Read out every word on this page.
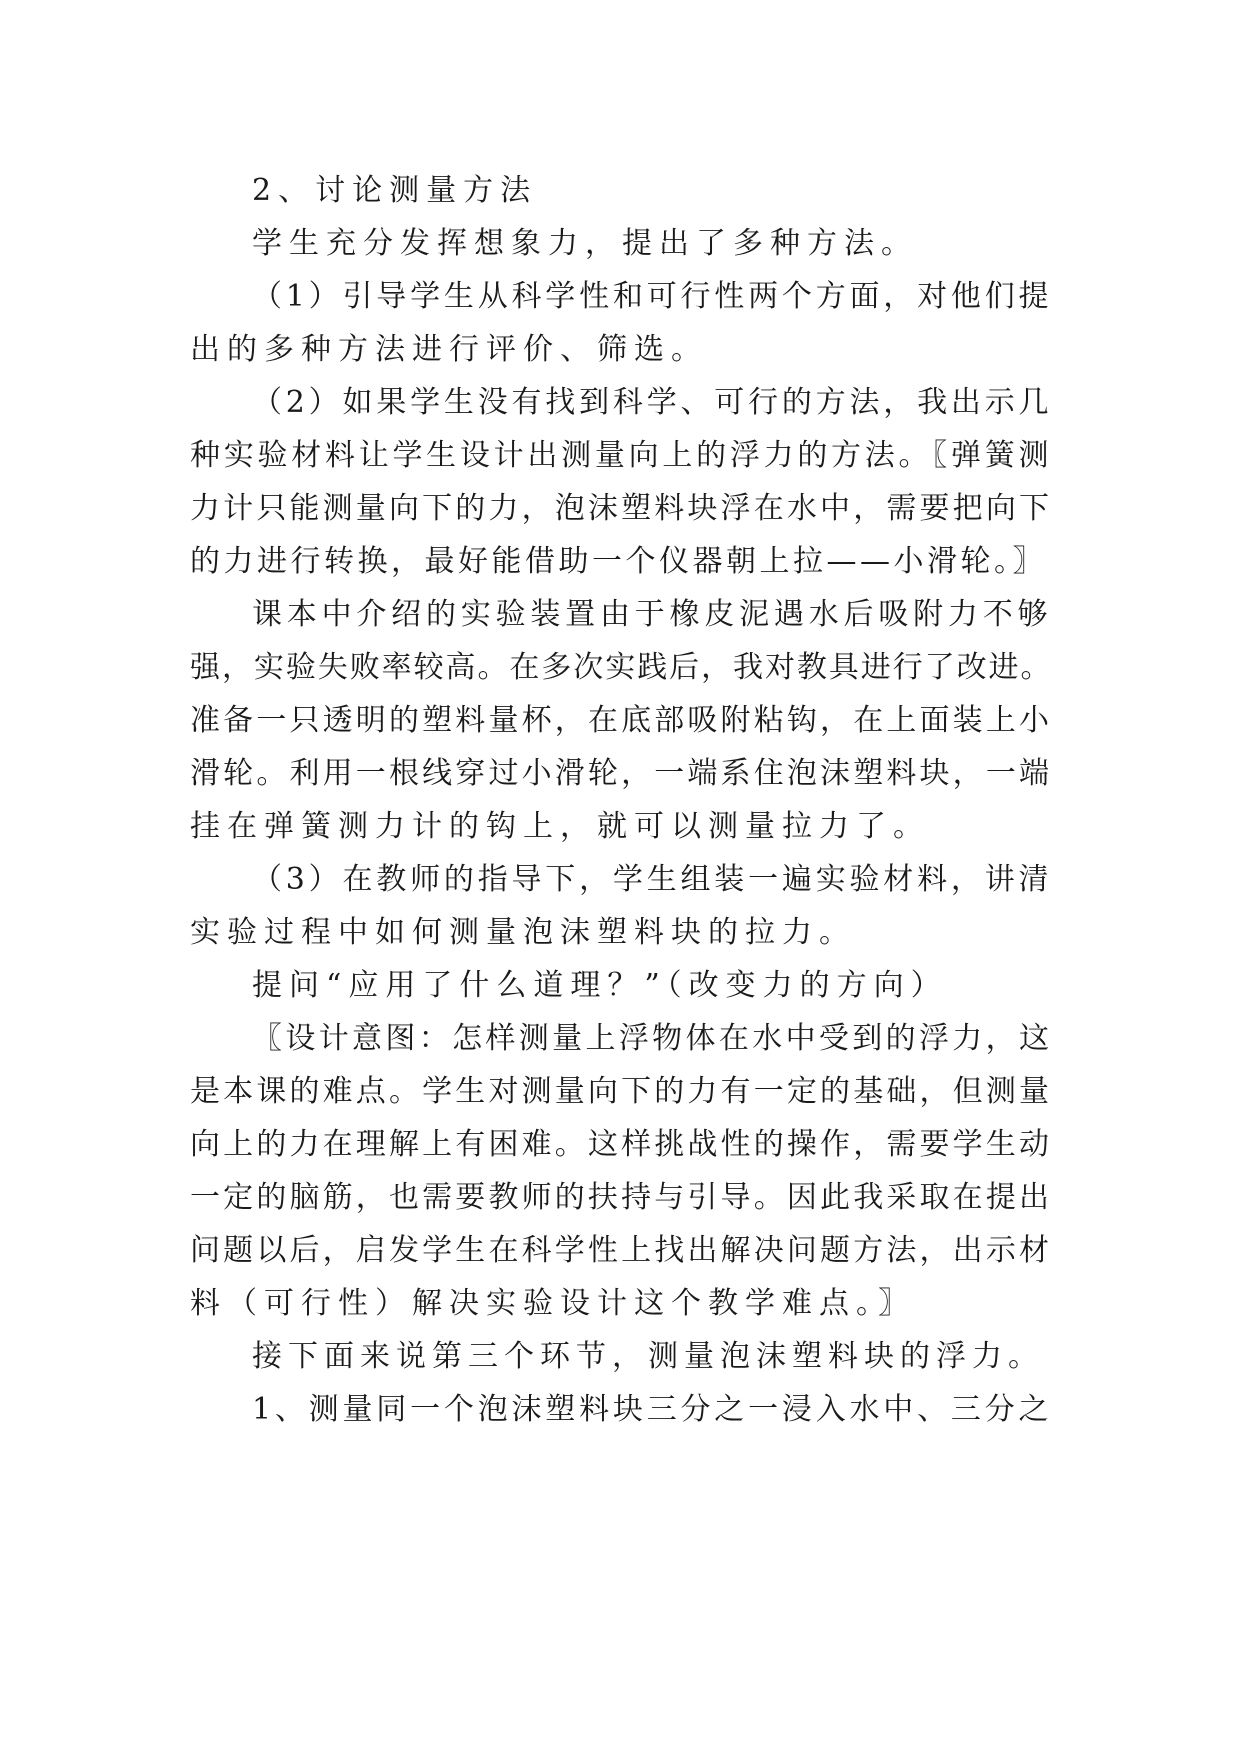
2、讨论测量方法
学生充分发挥想象力，提出了多种方法。
（1）引导学生从科学性和可行性两个方面，对他们提
出的多种方法进行评价、筛选。
（2）如果学生没有找到科学、可行的方法，我出示几
种实验材料让学生设计出测量向上的浮力的方法。〖弹簧测
力计只能测量向下的力，泡沫塑料块浮在水中，需要把向下
的力进行转换，最好能借助一个仪器朝上拉——小滑轮。〗
课本中介绍的实验装置由于橡皮泥遇水后吸附力不够
强，实验失败率较高。在多次实践后，我对教具进行了改进。
准备一只透明的塑料量杯，在底部吸附粘钩，在上面装上小
滑轮。利用一根线穿过小滑轮，一端系住泡沫塑料块，一端
挂在弹簧测力计的钩上，就可以测量拉力了。
（3）在教师的指导下，学生组装一遍实验材料，讲清
实验过程中如何测量泡沫塑料块的拉力。
提问“应用了什么道理？”（改变力的方向）
〖设计意图：怎样测量上浮物体在水中受到的浮力，这
是本课的难点。学生对测量向下的力有一定的基础，但测量
向上的力在理解上有困难。这样挑战性的操作，需要学生动
一定的脑筋，也需要教师的扶持与引导。因此我采取在提出
问题以后，启发学生在科学性上找出解决问题方法，出示材
料（可行性）解决实验设计这个教学难点。〗
接下面来说第三个环节，测量泡沫塑料块的浮力。
1、测量同一个泡沫塑料块三分之一浸入水中、三分之
